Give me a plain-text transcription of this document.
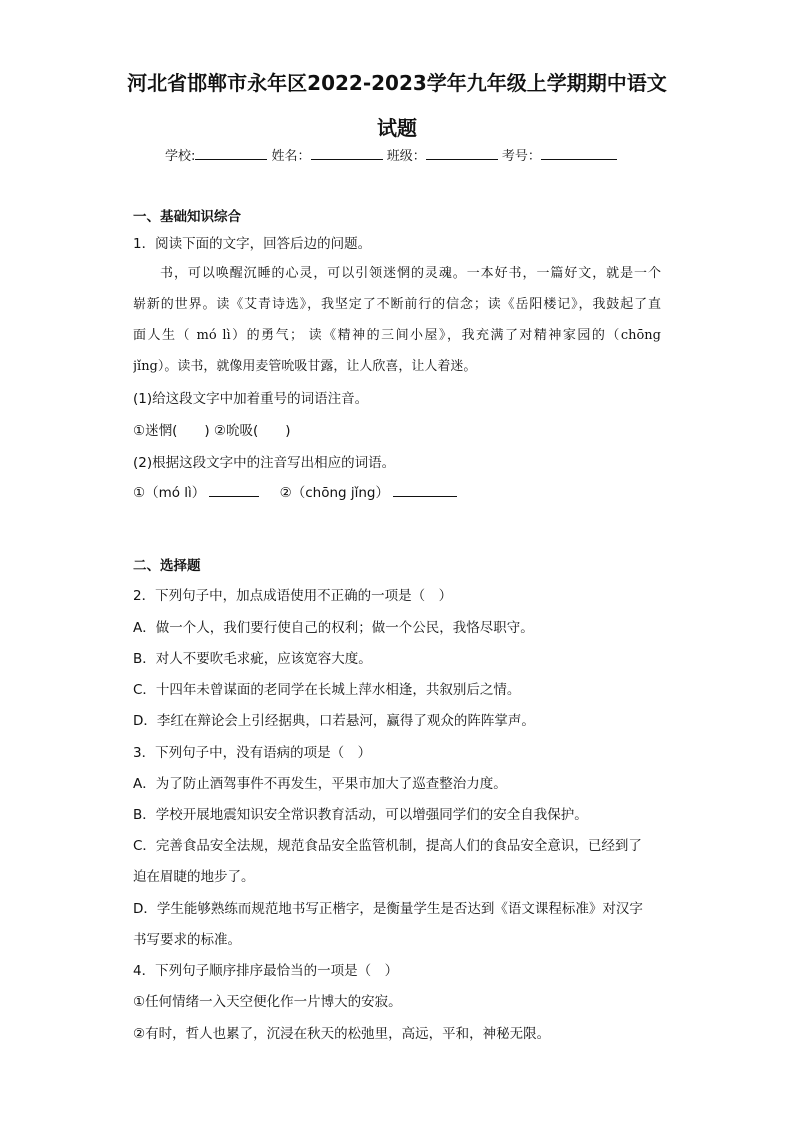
河北省邯郸市永年区2022-2023学年九年级上学期期中语文
试题
学校:	姓名：	班级：	考号：
一、基础知识综合
1．阅读下面的文字，回答后边的问题。
书，可以唤醒沉睡的心灵，可以引领迷惘的灵魂。一本好书，一篇好文，就是一个
崭新的世界。读《艾青诗选》，我坚定了不断前行的信念；读《岳阳楼记》，我鼓起了直
面人生（ mó lì）的勇气； 读《精神的三间小屋》，我充满了对精神家园的（chōng
jǐng）。读书，就像用麦管吮吸甘露，让人欣喜，让人着迷。
(1)给这段文字中加着重号的词语注音。
①迷惘(　　) ②吮吸(　　)
(2)根据这段文字中的注音写出相应的词语。
①（mó lì）	②（chōng jǐng）
二、选择题
2．下列句子中，加点成语使用不正确的一项是（　）
A．做一个人，我们要行使自己的权利；做一个公民，我恪尽职守。
B．对人不要吹毛求疵，应该宽容大度。
C．十四年未曾谋面的老同学在长城上萍水相逢，共叙别后之情。
D．李红在辩论会上引经据典，口若悬河，赢得了观众的阵阵掌声。
3．下列句子中，没有语病的项是（　）
A．为了防止酒驾事件不再发生，平果市加大了巡查整治力度。
B．学校开展地震知识安全常识教育活动，可以增强同学们的安全自我保护。
C．完善食品安全法规，规范食品安全监管机制，提高人们的食品安全意识，已经到了
迫在眉睫的地步了。
D．学生能够熟练而规范地书写正楷字，是衡量学生是否达到《语文课程标准》对汉字
书写要求的标准。
4．下列句子顺序排序最恰当的一项是（　）
①任何情绪一入天空便化作一片博大的安寂。
②有时，哲人也累了，沉浸在秋天的松弛里，高远，平和，神秘无限。
